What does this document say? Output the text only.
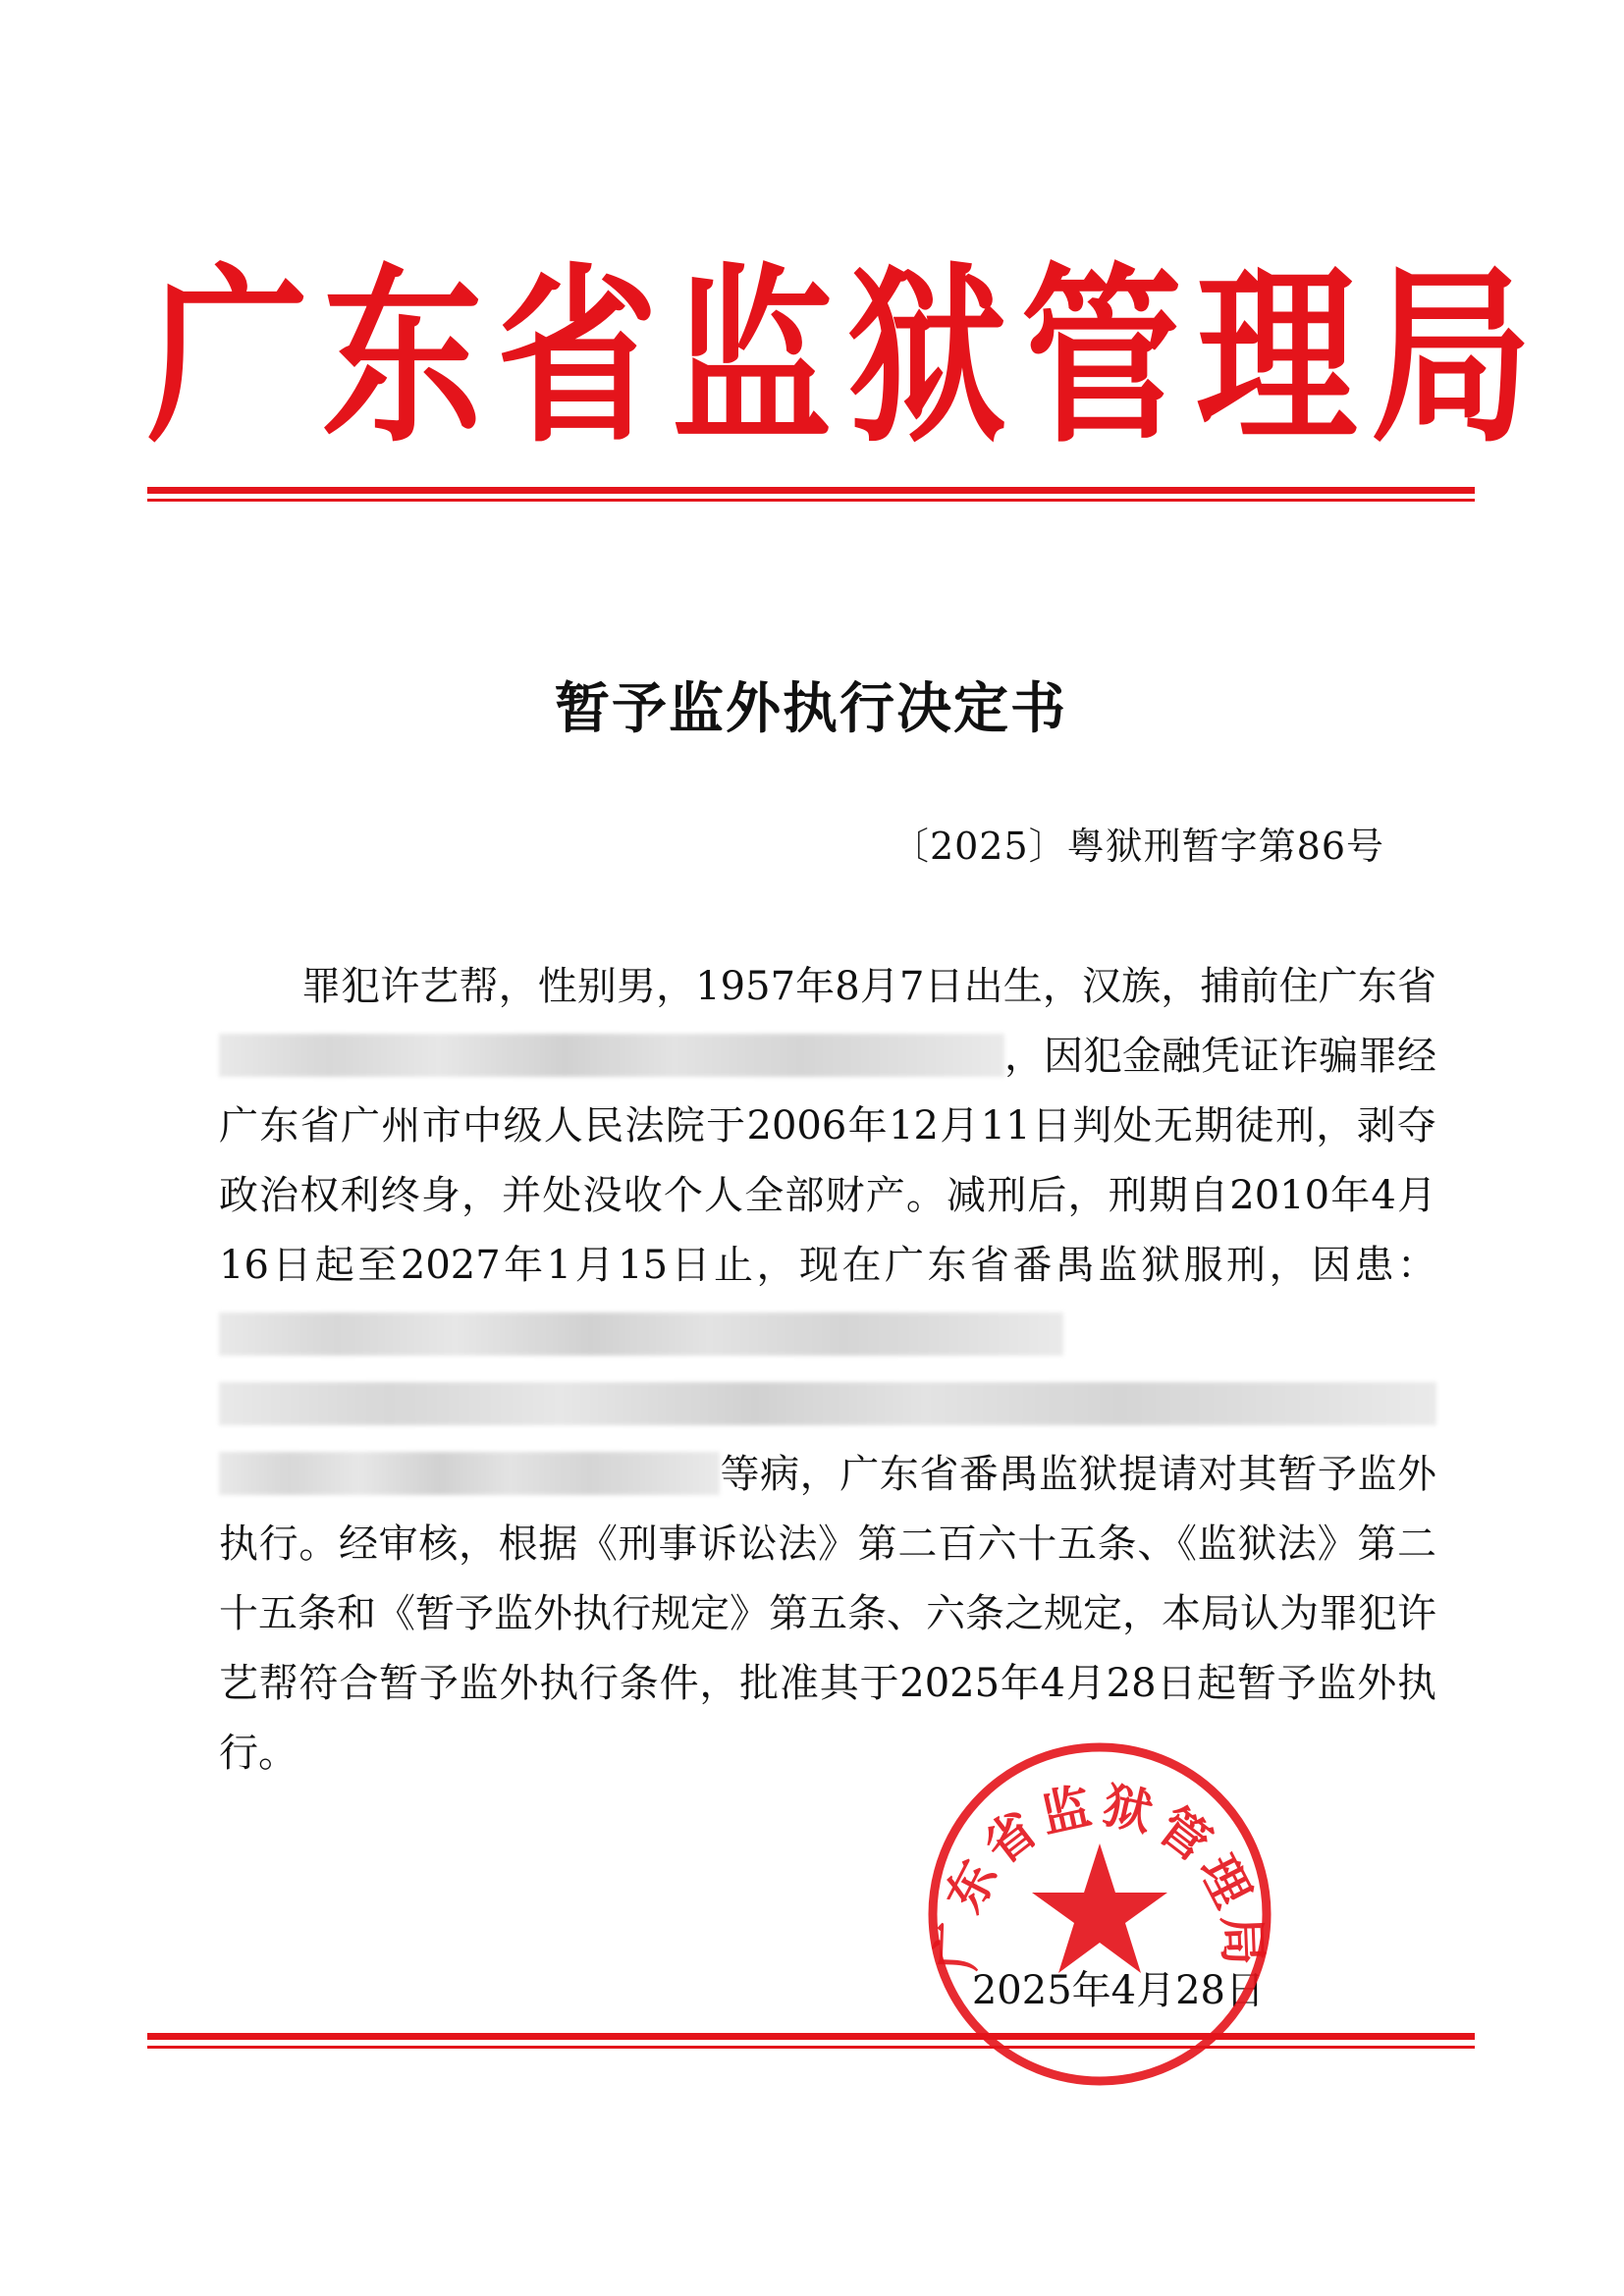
广东省监狱管理局
暂予监外执行决定书

〔2025〕粤狱刑暂字第86号

罪犯许艺帮，性别男，1957年8月7日出生，汉族，捕前住广东省，因犯金融凭证诈骗罪经广东省广州市中级人民法院于2006年12月11日判处无期徒刑，剥夺政治权利终身，并处没收个人全部财产。减刑后，刑期自2010年4月16日起至2027年1月15日止，现在广东省番禺监狱服刑，因患：等病，广东省番禺监狱提请对其暂予监外执行。经审核，根据《刑事诉讼法》第二百六十五条、《监狱法》第二十五条和《暂予监外执行规定》第五条、六条之规定，本局认为罪犯许艺帮符合暂予监外执行条件，批准其于2025年4月28日起暂予监外执行。

2025年4月28日

广东省监狱管理局
